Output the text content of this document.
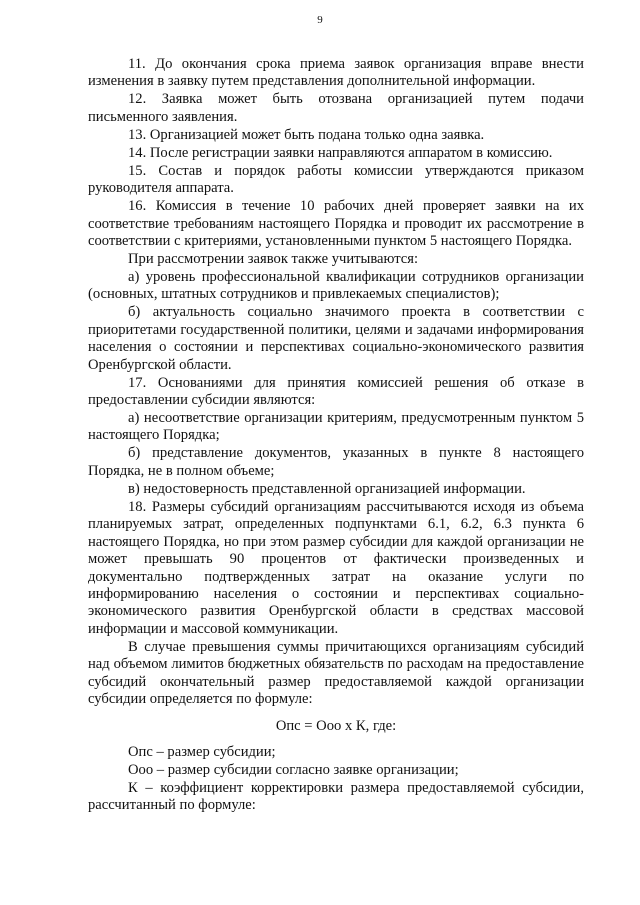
9

11. До окончания срока приема заявок организация вправе внести изменения в заявку путем представления дополнительной информации.

12. Заявка может быть отозвана организацией путем подачи письменного заявления.

13. Организацией может быть подана только одна заявка.

14. После регистрации заявки направляются аппаратом в комиссию.

15. Состав и порядок работы комиссии утверждаются приказом руководителя аппарата.

16. Комиссия в течение 10 рабочих дней проверяет заявки на их соответствие требованиям настоящего Порядка и проводит их рассмотрение в соответствии с критериями, установленными пунктом 5 настоящего Порядка.

При рассмотрении заявок также учитываются:

а) уровень профессиональной квалификации сотрудников организации (основных, штатных сотрудников и привлекаемых специалистов);

б) актуальность социально значимого проекта в соответствии с приоритетами государственной политики, целями и задачами информирования населения о состоянии и перспективах социально-экономического развития Оренбургской области.

17. Основаниями для принятия комиссией решения об отказе в предоставлении субсидии являются:

а) несоответствие организации критериям, предусмотренным пунктом 5 настоящего Порядка;

б) представление документов, указанных в пункте 8 настоящего Порядка, не в полном объеме;

в) недостоверность представленной организацией информации.

18. Размеры субсидий организациям рассчитываются исходя из объема планируемых затрат, определенных подпунктами 6.1, 6.2, 6.3 пункта 6 настоящего Порядка, но при этом размер субсидии для каждой организации не может превышать 90 процентов от фактически произведенных и документально подтвержденных затрат на оказание услуги по информированию населения о состоянии и перспективах социально-экономического развития Оренбургской области в средствах массовой информации и массовой коммуникации.

В случае превышения суммы причитающихся организациям субсидий над объемом лимитов бюджетных обязательств по расходам на предоставление субсидий окончательный размер предоставляемой каждой организации субсидии определяется по формуле:

Опс = Ооо x К, где:

Опс – размер субсидии;

Ооо – размер субсидии согласно заявке организации;

К – коэффициент корректировки размера предоставляемой субсидии, рассчитанный по формуле:
